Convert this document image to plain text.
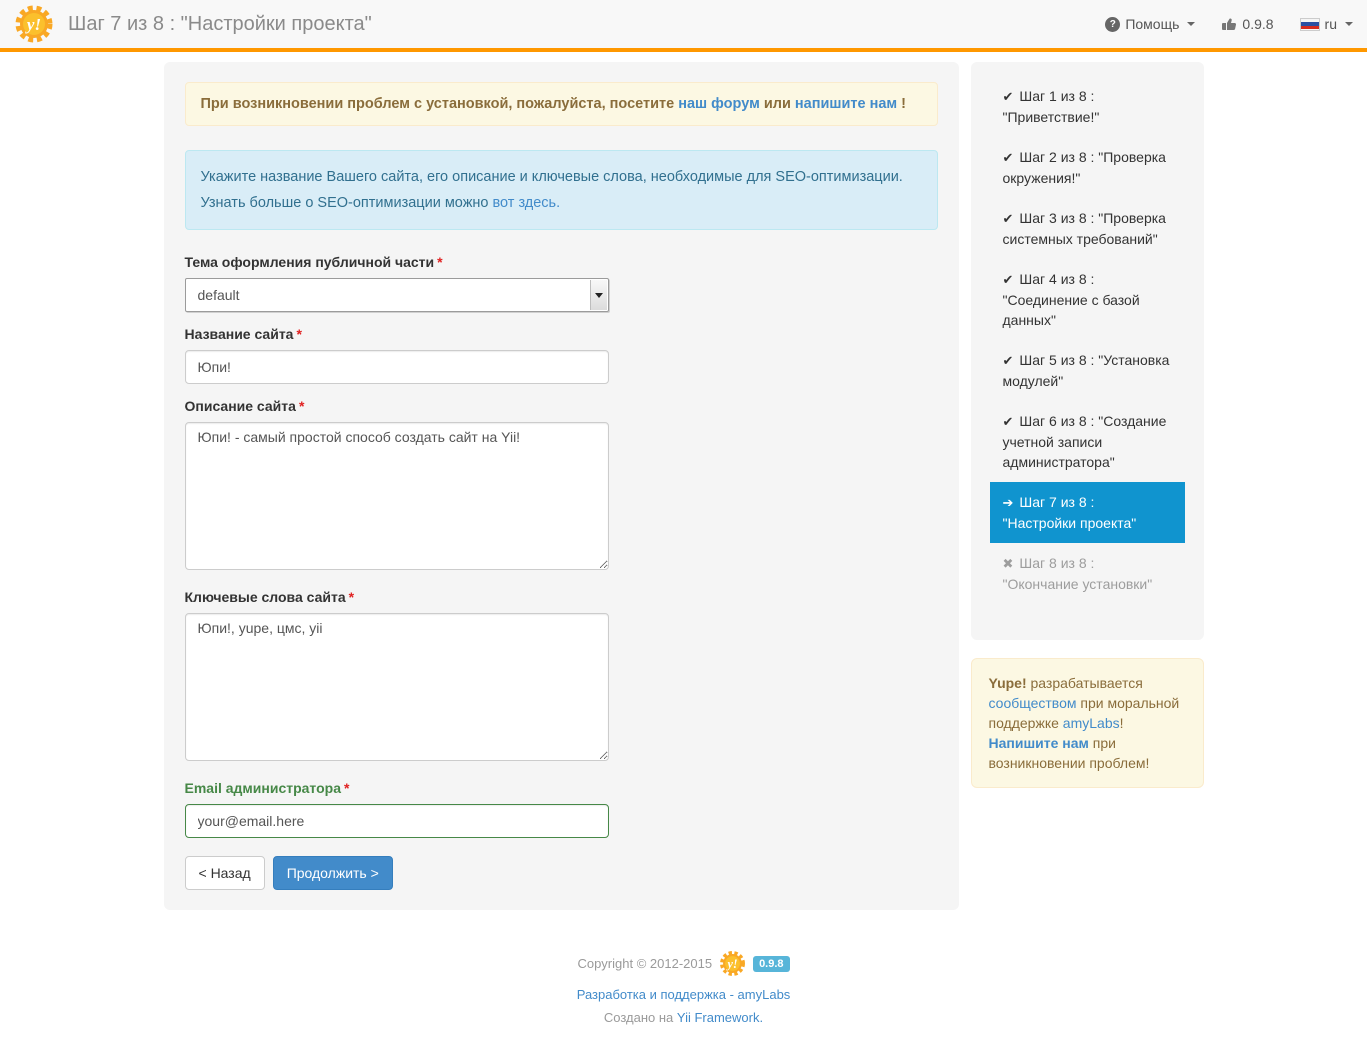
y! Шаг 7 из 8 : "Настройки проекта"	? Помощь	0.9.8	ru
При возникновении проблем с установкой, пожалуйста, посетите наш форум или напишите нам !
Укажите название Вашего сайта, его описание и ключевые слова, необходимые для SEO-оптимизации.
Узнать больше о SEO-оптимизации можно вот здесь.
Тема оформления публичной части *
default
Название сайта *
Юпи!
Описание сайта *
Юпи! - самый простой способ создать сайт на Yii!
Ключевые слова сайта *
Юпи!, yupe, цмс, yii
Email администратора *
your@email.here
< Назад	Продолжить >
✔ Шаг 1 из 8 : "Приветствие!"
✔ Шаг 2 из 8 : "Проверка окружения!"
✔ Шаг 3 из 8 : "Проверка системных требований"
✔ Шаг 4 из 8 : "Соединение с базой данных"
✔ Шаг 5 из 8 : "Установка модулей"
✔ Шаг 6 из 8 : "Создание учетной записи администратора"
➔ Шаг 7 из 8 : "Настройки проекта"
✖ Шаг 8 из 8 : "Окончание установки"
Yupe! разрабатывается сообществом при моральной поддержке amyLabs! Напишите нам при возникновении проблем!
Copyright © 2012-2015 y!	0.9.8
Разработка и поддержка - amyLabs
Создано на Yii Framework.
